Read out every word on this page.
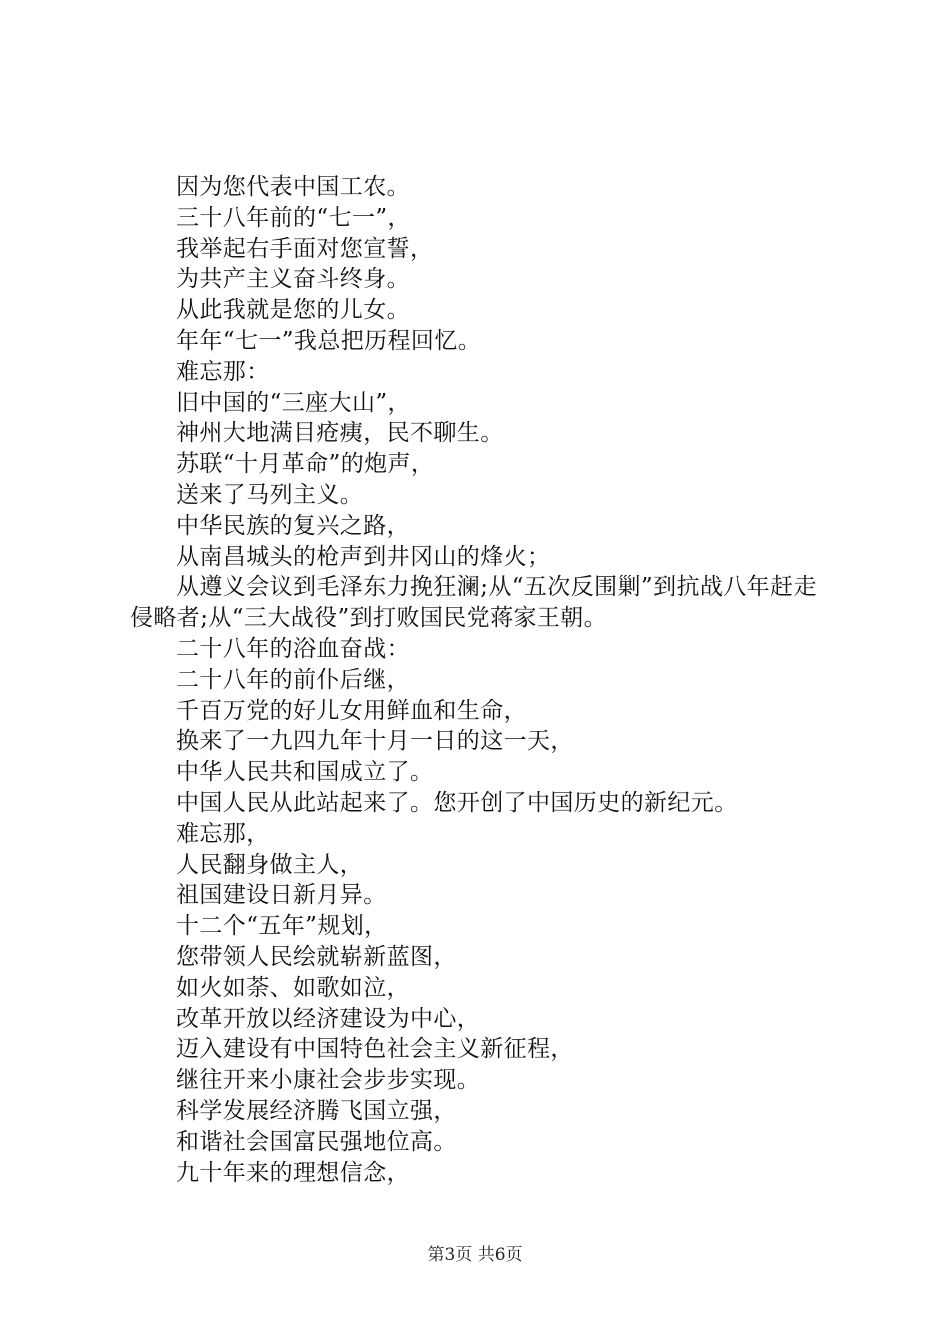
因为您代表中国工农。

三十八年前的“七一”，

我举起右手面对您宣誓，

为共产主义奋斗终身。

从此我就是您的儿女。

年年“七一”我总把历程回忆。

难忘那：

旧中国的“三座大山”，

神州大地满目疮痍，民不聊生。

苏联“十月革命”的炮声，

送来了马列主义。

中华民族的复兴之路，

从南昌城头的枪声到井冈山的烽火；

从遵义会议到毛泽东力挽狂澜;从“五次反围剿”到抗战八年赶走侵略者;从“三大战役”到打败国民党蒋家王朝。

二十八年的浴血奋战：

二十八年的前仆后继，

千百万党的好儿女用鲜血和生命，

换来了一九四九年十月一日的这一天，

中华人民共和国成立了。

中国人民从此站起来了。您开创了中国历史的新纪元。

难忘那，

人民翻身做主人，

祖国建设日新月异。

十二个“五年”规划，

您带领人民绘就崭新蓝图，

如火如荼、如歌如泣，

改革开放以经济建设为中心，

迈入建设有中国特色社会主义新征程，

继往开来小康社会步步实现。

科学发展经济腾飞国立强，

和谐社会国富民强地位高。

九十年来的理想信念，

第3页 共6页
